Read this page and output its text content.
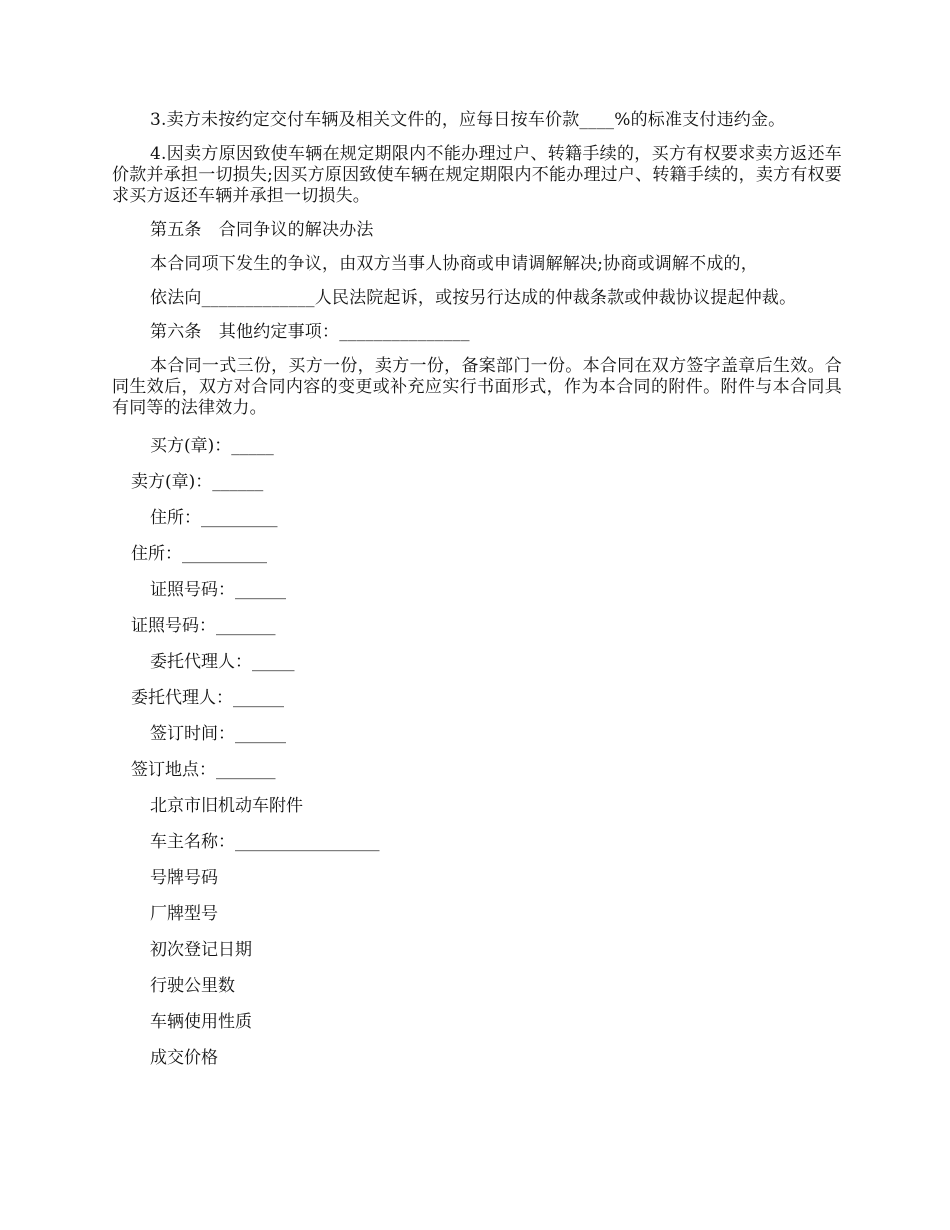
3.卖方未按约定交付车辆及相关文件的，应每日按车价款____%的标准支付违约金。

4.因卖方原因致使车辆在规定期限内不能办理过户、转籍手续的，买方有权要求卖方返还车价款并承担一切损失;因买方原因致使车辆在规定期限内不能办理过户、转籍手续的，卖方有权要求买方返还车辆并承担一切损失。

第五条　合同争议的解决办法

本合同项下发生的争议，由双方当事人协商或申请调解解决;协商或调解不成的，

依法向_____________人民法院起诉，或按另行达成的仲裁条款或仲裁协议提起仲裁。

第六条　其他约定事项：_______________

本合同一式三份，买方一份，卖方一份，备案部门一份。本合同在双方签字盖章后生效。合同生效后，双方对合同内容的变更或补充应实行书面形式，作为本合同的附件。附件与本合同具有同等的法律效力。

买方(章)：_____

卖方(章)：______

住所：_________

住所：__________

证照号码：______

证照号码：_______

委托代理人：_____

委托代理人：______

签订时间：______

签订地点：_______

北京市旧机动车附件

车主名称：_________________

号牌号码

厂牌型号

初次登记日期

行驶公里数

车辆使用性质

成交价格
